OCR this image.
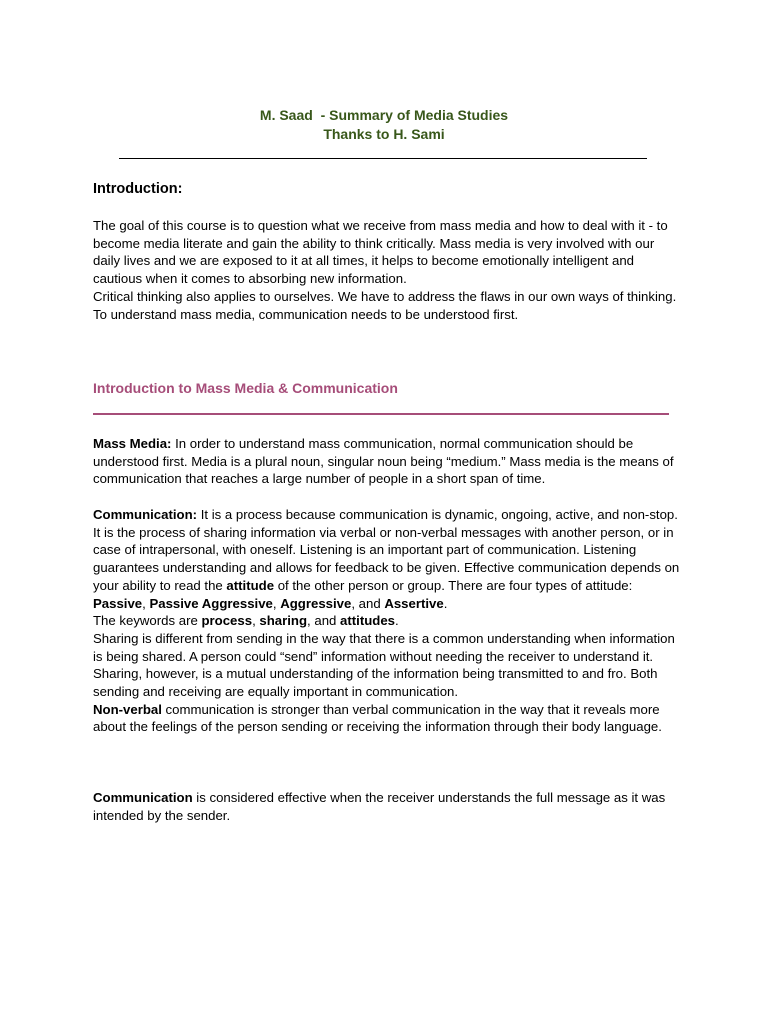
M. Saad  - Summary of Media Studies
Thanks to H. Sami
Introduction:

The goal of this course is to question what we receive from mass media and how to deal with it - to become media literate and gain the ability to think critically. Mass media is very involved with our daily lives and we are exposed to it at all times, it helps to become emotionally intelligent and cautious when it comes to absorbing new information.

Critical thinking also applies to ourselves. We have to address the flaws in our own ways of thinking.

To understand mass media, communication needs to be understood first.

Introduction to Mass Media & Communication

Mass Media: In order to understand mass communication, normal communication should be understood first. Media is a plural noun, singular noun being “medium.” Mass media is the means of communication that reaches a large number of people in a short span of time.

Communication: It is a process because communication is dynamic, ongoing, active, and non-stop. It is the process of sharing information via verbal or non-verbal messages with another person, or in case of intrapersonal, with oneself. Listening is an important part of communication. Listening guarantees understanding and allows for feedback to be given. Effective communication depends on your ability to read the attitude of the other person or group. There are four types of attitude: Passive, Passive Aggressive, Aggressive, and Assertive.

The keywords are process, sharing, and attitudes.

Sharing is different from sending in the way that there is a common understanding when information is being shared. A person could “send” information without needing the receiver to understand it. Sharing, however, is a mutual understanding of the information being transmitted to and fro. Both sending and receiving are equally important in communication.

Non-verbal communication is stronger than verbal communication in the way that it reveals more about the feelings of the person sending or receiving the information through their body language.

Communication is considered effective when the receiver understands the full message as it was intended by the sender.
